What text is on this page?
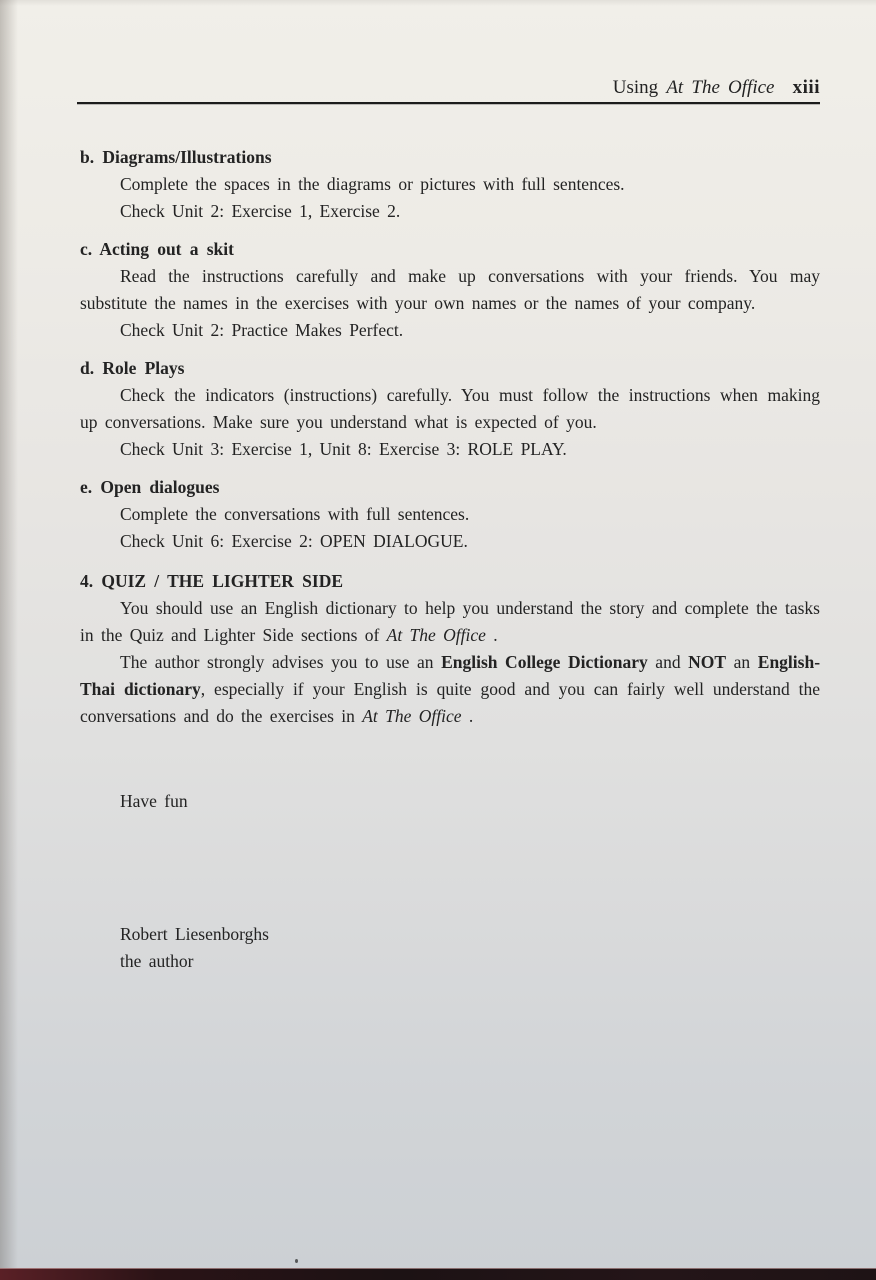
Using At The Office xiii
b. Diagrams/Illustrations

Complete the spaces in the diagrams or pictures with full sentences.

Check Unit 2: Exercise 1, Exercise 2.

c. Acting out a skit

Read the instructions carefully and make up conversations with your friends. You may substitute the names in the exercises with your own names or the names of your company.

Check Unit 2: Practice Makes Perfect.

d. Role Plays

Check the indicators (instructions) carefully. You must follow the instructions when making up conversations. Make sure you understand what is expected of you.

Check Unit 3: Exercise 1, Unit 8: Exercise 3: ROLE PLAY.

e. Open dialogues

Complete the conversations with full sentences.

Check Unit 6: Exercise 2: OPEN DIALOGUE.

4. QUIZ / THE LIGHTER SIDE

You should use an English dictionary to help you understand the story and complete the tasks in the Quiz and Lighter Side sections of At The Office .

The author strongly advises you to use an English College Dictionary and NOT an English-Thai dictionary, especially if your English is quite good and you can fairly well understand the conversations and do the exercises in At The Office .

Have fun

Robert Liesenborghs

the author
